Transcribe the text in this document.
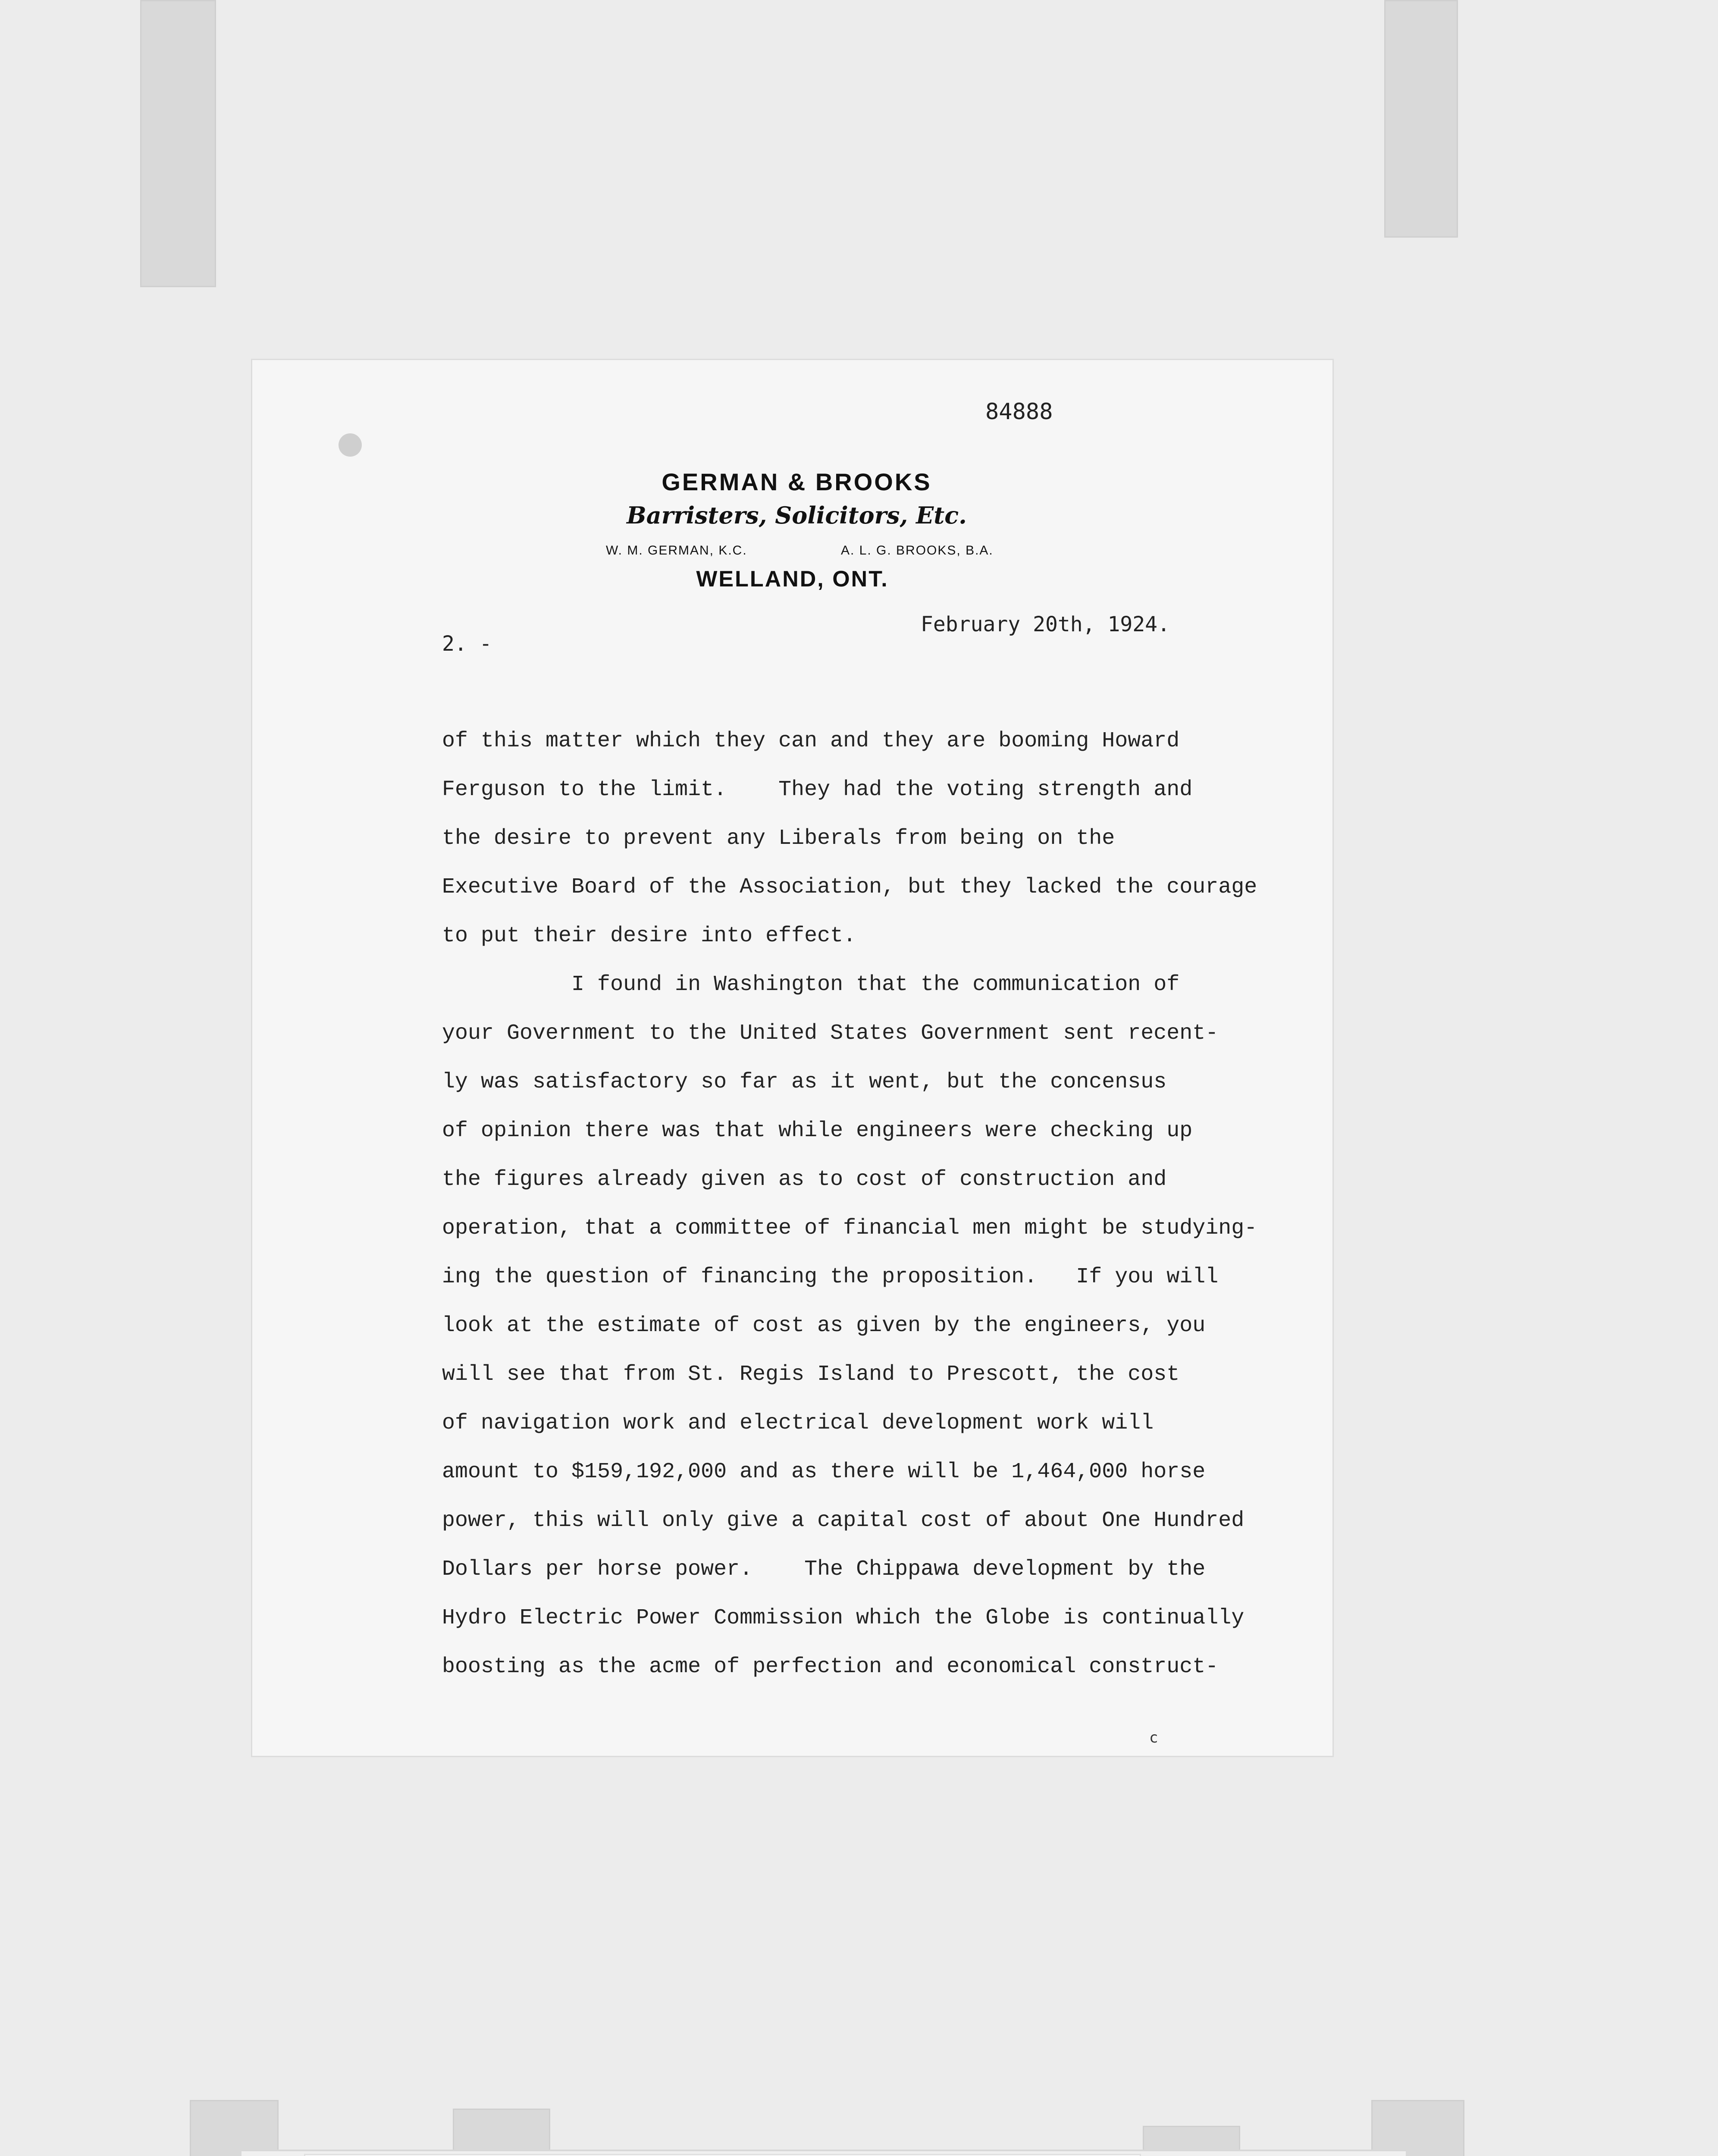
84888
GERMAN & BROOKS
Barristers, Solicitors, Etc.
W. M. GERMAN, K.C.	A. L. G. BROOKS, B.A.
WELLAND, ONT.
2. -
February 20th, 1924.
of this matter which they can and they are booming Howard
Ferguson to the limit.    They had the voting strength and
the desire to prevent any Liberals from being on the
Executive Board of the Association, but they lacked the courage
to put their desire into effect.
I found in Washington that the communication of
your Government to the United States Government sent recent-
ly was satisfactory so far as it went, but the concensus
of opinion there was that while engineers were checking up
the figures already given as to cost of construction and
operation, that a committee of financial men might be studying-
ing the question of financing the proposition.   If you will
look at the estimate of cost as given by the engineers, you
will see that from St. Regis Island to Prescott, the cost
of navigation work and electrical development work will
amount to $159,192,000 and as there will be 1,464,000 horse
power, this will only give a capital cost of about One Hundred
Dollars per horse power.    The Chippawa development by the
Hydro Electric Power Commission which the Globe is continually
boosting as the acme of perfection and economical construct-
c
